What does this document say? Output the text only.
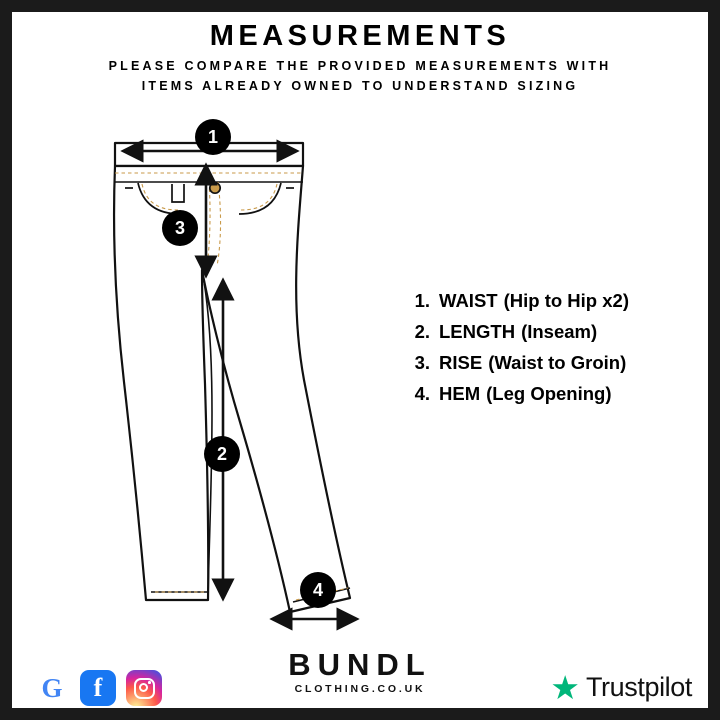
MEASUREMENTS
PLEASE COMPARE THE PROVIDED MEASUREMENTS WITH
ITEMS ALREADY OWNED TO UNDERSTAND SIZING
1
2
3
4
1. WAIST (Hip to Hip x2)
2. LENGTH (Inseam)
3. RISE (Waist to Groin)
4. HEM (Leg Opening)
BUNDL
CLOTHING.CO.UK
G	f	★ Trustpilot
